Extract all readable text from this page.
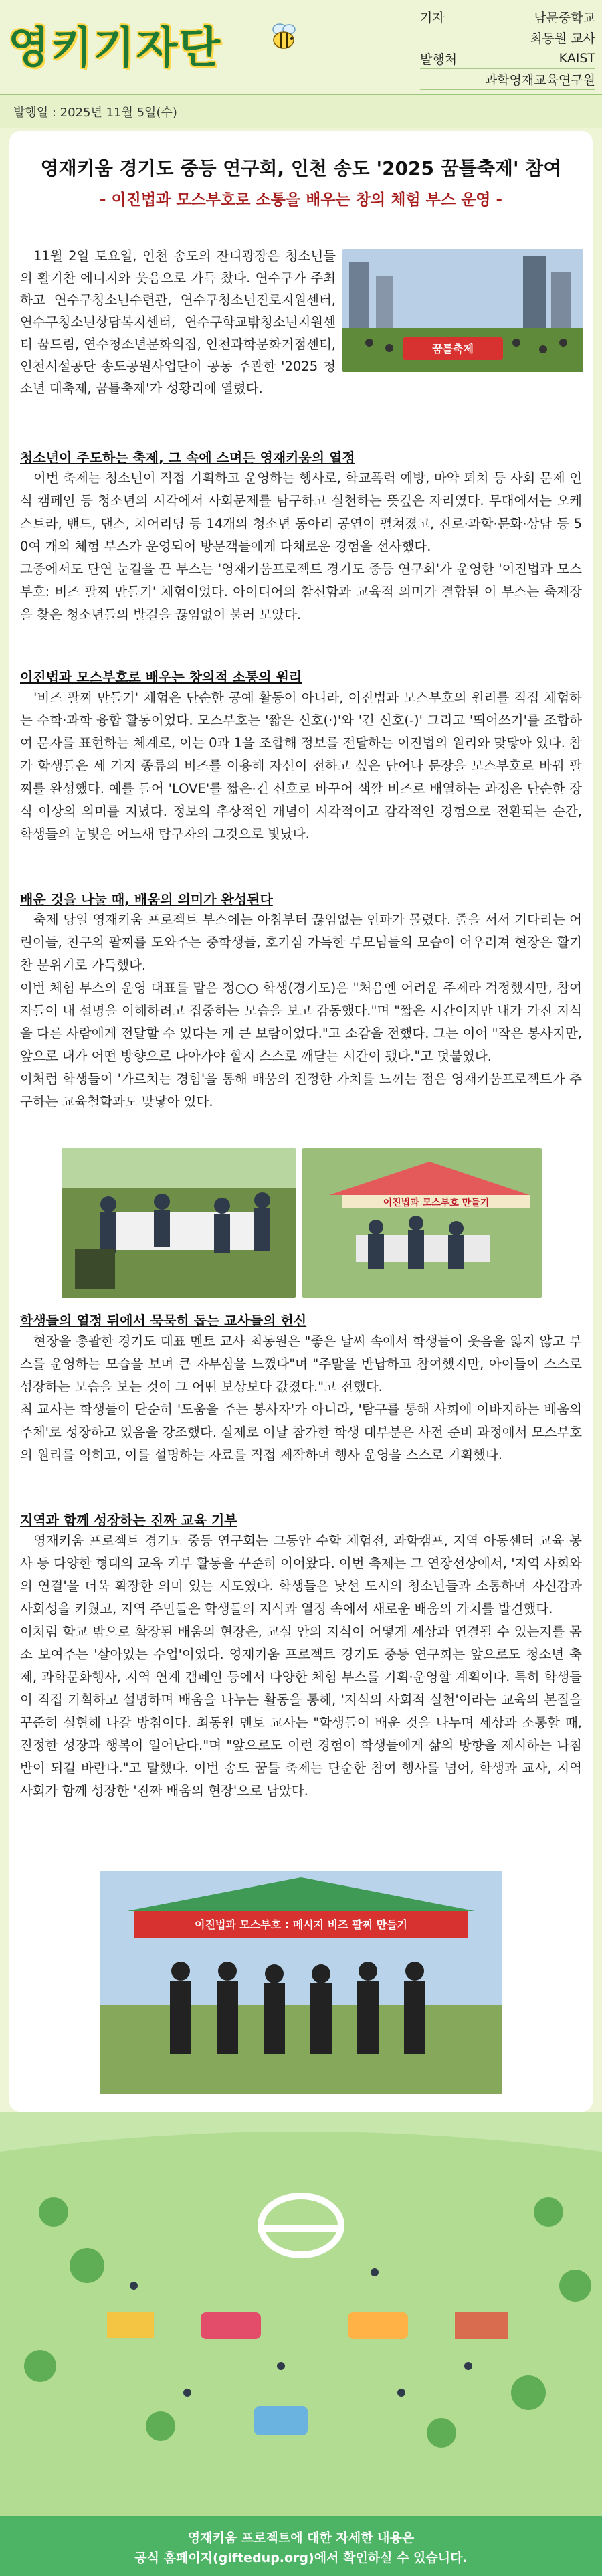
영키기자단
기자	남문중학교
최동원 교사
발행처	KAIST
과학영재교육연구원
발행일 : 2025년 11월 5일(수)
영재키움 경기도 중등 연구회, 인천 송도 '2025 꿈틀축제' 참여
- 이진법과 모스부호로 소통을 배우는 창의 체험 부스 운영 -

11월 2일 토요일, 인천 송도의 잔디광장은 청소년들의 활기찬 에너지와 웃음으로 가득 찼다. 연수구가 주최하고 연수구청소년수련관, 연수구청소년진로지원센터, 연수구청소년상담복지센터, 연수구학교밖청소년지원센터 꿈드림, 연수청소년문화의집, 인천과학문화거점센터, 인천시설공단 송도공원사업단이 공동 주관한 '2025 청소년 대축제, 꿈틀축제'가 성황리에 열렸다.

꿈틀축제
청소년이 주도하는 축제, 그 속에 스며든 영재키움의 열정

이번 축제는 청소년이 직접 기획하고 운영하는 행사로, 학교폭력 예방, 마약 퇴치 등 사회 문제 인식 캠페인 등 청소년의 시각에서 사회문제를 탐구하고 실천하는 뜻깊은 자리였다. 무대에서는 오케스트라, 밴드, 댄스, 치어리딩 등 14개의 청소년 동아리 공연이 펼쳐졌고, 진로·과학·문화·상담 등 50여 개의 체험 부스가 운영되어 방문객들에게 다채로운 경험을 선사했다.
그중에서도 단연 눈길을 끈 부스는 '영재키움프로젝트 경기도 중등 연구회'가 운영한 '이진법과 모스부호: 비즈 팔찌 만들기' 체험이었다. 아이디어의 참신함과 교육적 의미가 결합된 이 부스는 축제장을 찾은 청소년들의 발길을 끊임없이 불러 모았다.

이진법과 모스부호로 배우는 창의적 소통의 원리

'비즈 팔찌 만들기' 체험은 단순한 공예 활동이 아니라, 이진법과 모스부호의 원리를 직접 체험하는 수학·과학 융합 활동이었다. 모스부호는 '짧은 신호(·)'와 '긴 신호(-)' 그리고 '띄어쓰기'를 조합하여 문자를 표현하는 체계로, 이는 0과 1을 조합해 정보를 전달하는 이진법의 원리와 맞닿아 있다. 참가 학생들은 세 가지 종류의 비즈를 이용해 자신이 전하고 싶은 단어나 문장을 모스부호로 바꿔 팔찌를 완성했다. 예를 들어 'LOVE'를 짧은·긴 신호로 바꾸어 색깔 비즈로 배열하는 과정은 단순한 장식 이상의 의미를 지녔다. 정보의 추상적인 개념이 시각적이고 감각적인 경험으로 전환되는 순간, 학생들의 눈빛은 어느새 탐구자의 그것으로 빛났다.

배운 것을 나눌 때, 배움의 의미가 완성된다

축제 당일 영재키움 프로젝트 부스에는 아침부터 끊임없는 인파가 몰렸다. 줄을 서서 기다리는 어린이들, 친구의 팔찌를 도와주는 중학생들, 호기심 가득한 부모님들의 모습이 어우러져 현장은 활기찬 분위기로 가득했다.
이번 체험 부스의 운영 대표를 맡은 정○○ 학생(경기도)은 "처음엔 어려운 주제라 걱정했지만, 참여자들이 내 설명을 이해하려고 집중하는 모습을 보고 감동했다."며 "짧은 시간이지만 내가 가진 지식을 다른 사람에게 전달할 수 있다는 게 큰 보람이었다."고 소감을 전했다. 그는 이어 "작은 봉사지만, 앞으로 내가 어떤 방향으로 나아가야 할지 스스로 깨닫는 시간이 됐다."고 덧붙였다.
이처럼 학생들이 '가르치는 경험'을 통해 배움의 진정한 가치를 느끼는 점은 영재키움프로젝트가 추구하는 교육철학과도 맞닿아 있다.

이진법과 모스부호 만들기
학생들의 열정 뒤에서 묵묵히 돕는 교사들의 헌신

현장을 총괄한 경기도 대표 멘토 교사 최동원은 "좋은 날씨 속에서 학생들이 웃음을 잃지 않고 부스를 운영하는 모습을 보며 큰 자부심을 느꼈다"며 "주말을 반납하고 참여했지만, 아이들이 스스로 성장하는 모습을 보는 것이 그 어떤 보상보다 값졌다."고 전했다.
최 교사는 학생들이 단순히 '도움을 주는 봉사자'가 아니라, '탐구를 통해 사회에 이바지하는 배움의 주체'로 성장하고 있음을 강조했다. 실제로 이날 참가한 학생 대부분은 사전 준비 과정에서 모스부호의 원리를 익히고, 이를 설명하는 자료를 직접 제작하며 행사 운영을 스스로 기획했다.

지역과 함께 성장하는 진짜 교육 기부

영재키움 프로젝트 경기도 중등 연구회는 그동안 수학 체험전, 과학캠프, 지역 아동센터 교육 봉사 등 다양한 형태의 교육 기부 활동을 꾸준히 이어왔다. 이번 축제는 그 연장선상에서, '지역 사회와의 연결'을 더욱 확장한 의미 있는 시도였다. 학생들은 낯선 도시의 청소년들과 소통하며 자신감과 사회성을 키웠고, 지역 주민들은 학생들의 지식과 열정 속에서 새로운 배움의 가치를 발견했다.
이처럼 학교 밖으로 확장된 배움의 현장은, 교실 안의 지식이 어떻게 세상과 연결될 수 있는지를 몸소 보여주는 '살아있는 수업'이었다. 영재키움 프로젝트 경기도 중등 연구회는 앞으로도 청소년 축제, 과학문화행사, 지역 연계 캠페인 등에서 다양한 체험 부스를 기획·운영할 계획이다. 특히 학생들이 직접 기획하고 설명하며 배움을 나누는 활동을 통해, '지식의 사회적 실천'이라는 교육의 본질을 꾸준히 실현해 나갈 방침이다. 최동원 멘토 교사는 "학생들이 배운 것을 나누며 세상과 소통할 때, 진정한 성장과 행복이 일어난다."며 "앞으로도 이런 경험이 학생들에게 삶의 방향을 제시하는 나침반이 되길 바란다."고 말했다. 이번 송도 꿈틀 축제는 단순한 참여 행사를 넘어, 학생과 교사, 지역 사회가 함께 성장한 '진짜 배움의 현장'으로 남았다.

이진법과 모스부호 : 메시지 비즈 팔찌 만들기
영재키움 프로젝트에 대한 자세한 내용은
공식 홈페이지(giftedup.org)에서 확인하실 수 있습니다.
